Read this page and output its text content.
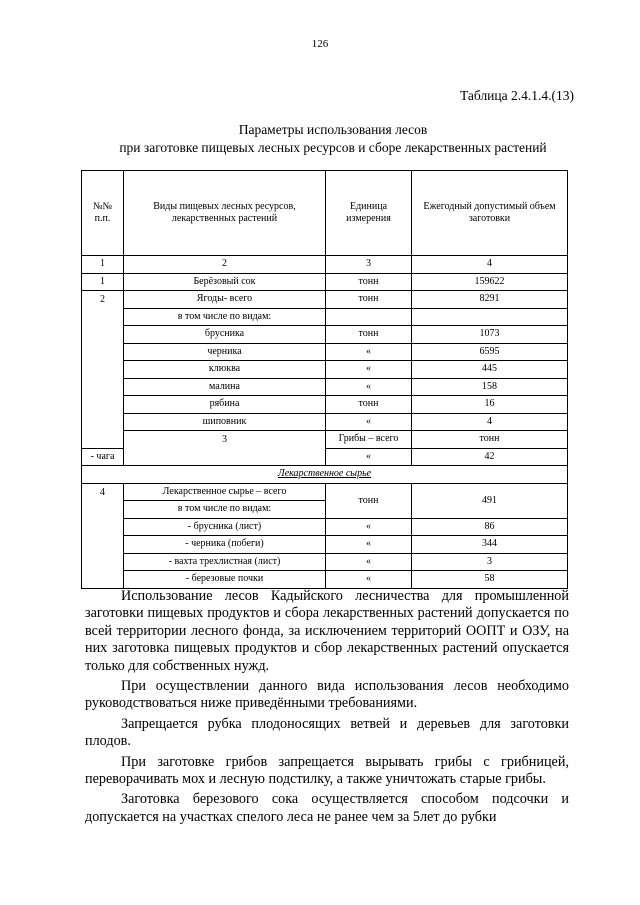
126
Таблица 2.4.1.4.(13)
Параметры использования лесов
при заготовке пищевых лесных ресурсов и сборе лекарственных растений
№№ п.п.	Виды пищевых лесных ресурсов, лекарственных растений	Единица измерения	Ежегодный допустимый объем заготовки	
1	2	3	4	
1	Берёзовый сок	тонн	159622	
2	Ягоды- всего	тонн	8291	
	в том числе по видам:			
	брусника	тонн	1073	
	черника	«	6595	
	клюква	«	445	
	малина	«	158	
	рябина	тонн	16	
	шиповник	«	4	
	3	Грибы – всего	тонн	
- чага		«	42	
Лекарственное сырье				
4	Лекарственное сырье – всего	тонн	491	
	в том числе по видам:			
	- брусника (лист)	«	86	
	- черника (побеги)	«	344	
	- вахта трехлистная (лист)	«	3	
	- березовые почки	«	58	

Использование лесов Кадыйского лесничества для промышленной заготовки пищевых продуктов и сбора лекарственных растений допускается по всей территории лесного фонда, за исключением территорий ООПТ и ОЗУ, на них заготовка пищевых продуктов и сбор лекарственных растений опускается только для собственных нужд.

При осуществлении данного вида использования лесов необходимо руководствоваться ниже приведёнными требованиями.

Запрещается рубка плодоносящих ветвей и деревьев для заготовки плодов.

При заготовке грибов запрещается вырывать грибы с грибницей, переворачивать мох и лесную подстилку, а также уничтожать старые грибы.

Заготовка березового сока осуществляется способом подсочки и допускается на участках спелого леса не ранее чем за 5лет до рубки
